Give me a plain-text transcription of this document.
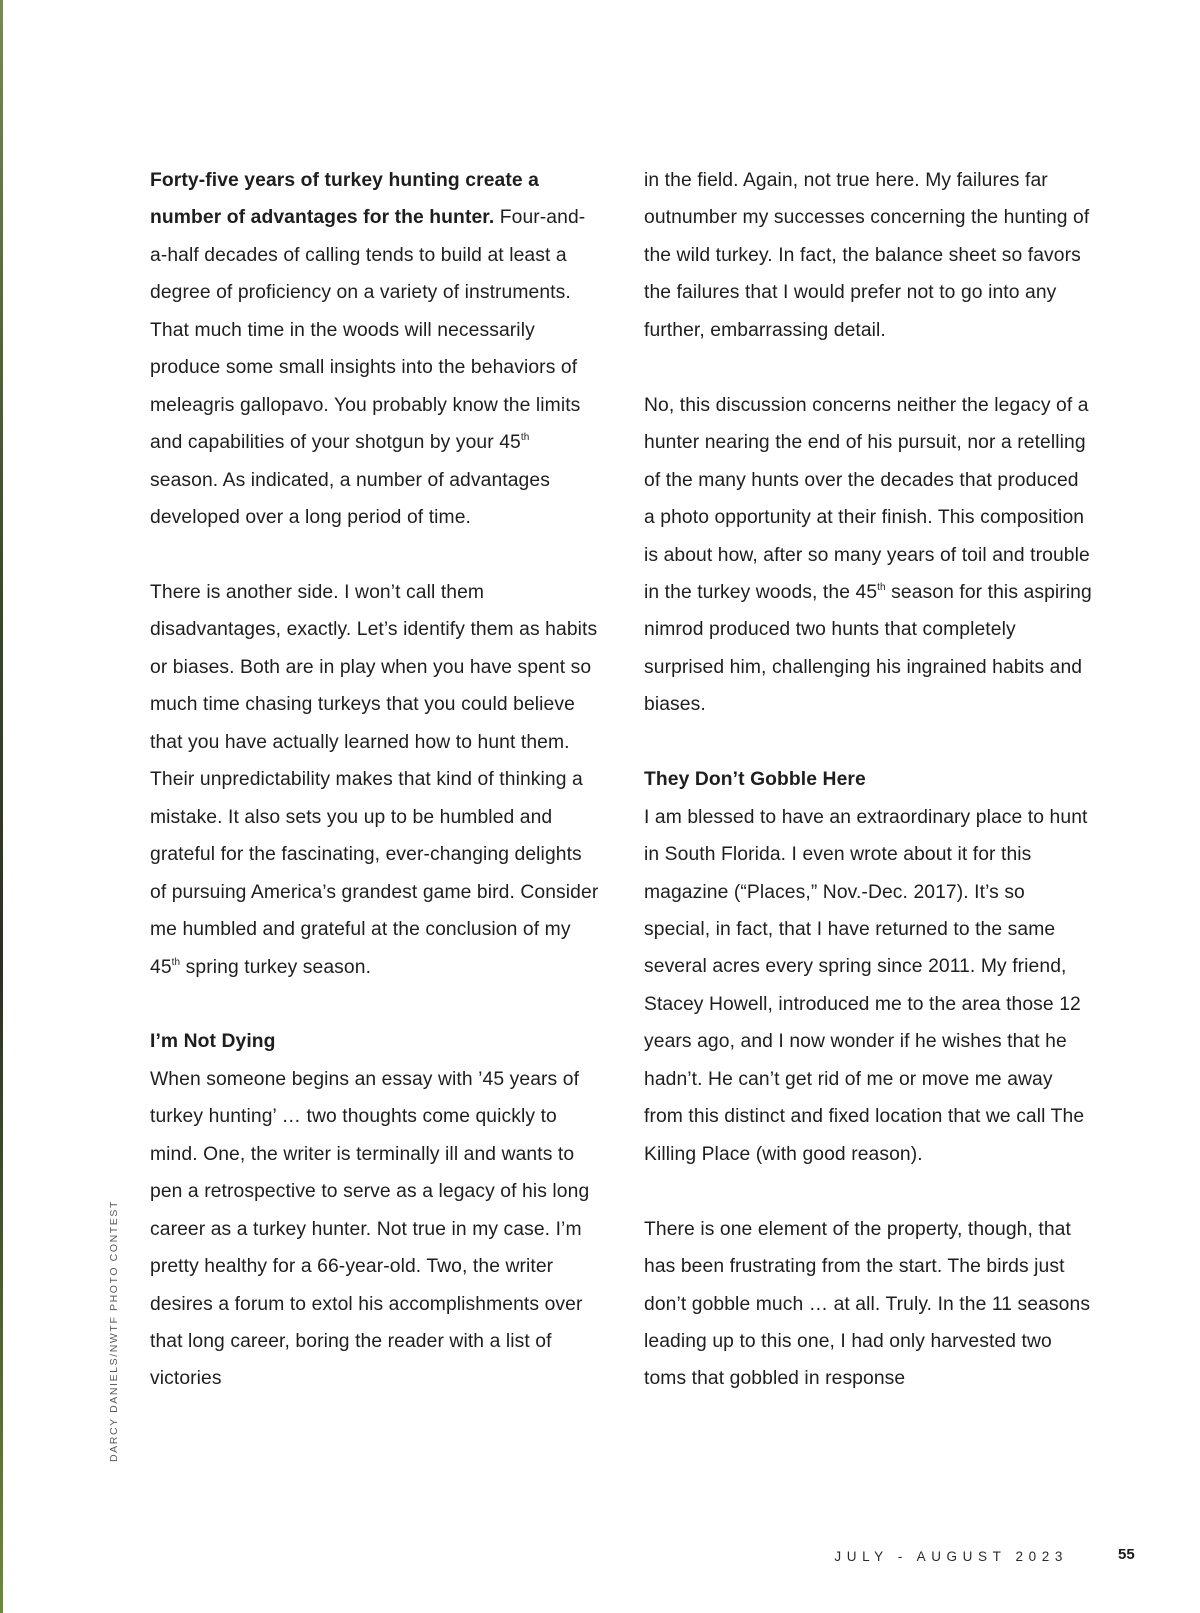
Forty-five years of turkey hunting create a number of advantages for the hunter. Four-and-a-half decades of calling tends to build at least a degree of proficiency on a variety of instruments. That much time in the woods will necessarily produce some small insights into the behaviors of meleagris gallopavo. You probably know the limits and capabilities of your shotgun by your 45th season. As indicated, a number of advantages developed over a long period of time.

There is another side. I won’t call them disadvantages, exactly. Let’s identify them as habits or biases. Both are in play when you have spent so much time chasing turkeys that you could believe that you have actually learned how to hunt them. Their unpredictability makes that kind of thinking a mistake. It also sets you up to be humbled and grateful for the fascinating, ever-changing delights of pursuing America’s grandest game bird. Consider me humbled and grateful at the conclusion of my 45th spring turkey season.

I’m Not Dying

When someone begins an essay with ’45 years of turkey hunting’ … two thoughts come quickly to mind. One, the writer is terminally ill and wants to pen a retrospective to serve as a legacy of his long career as a turkey hunter. Not true in my case. I’m pretty healthy for a 66-year-old. Two, the writer desires a forum to extol his accomplishments over that long career, boring the reader with a list of victories

in the field. Again, not true here. My failures far outnumber my successes concerning the hunting of the wild turkey. In fact, the balance sheet so favors the failures that I would prefer not to go into any further, embarrassing detail.

No, this discussion concerns neither the legacy of a hunter nearing the end of his pursuit, nor a retelling of the many hunts over the decades that produced a photo opportunity at their finish. This composition is about how, after so many years of toil and trouble in the turkey woods, the 45th season for this aspiring nimrod produced two hunts that completely surprised him, challenging his ingrained habits and biases.

They Don’t Gobble Here

I am blessed to have an extraordinary place to hunt in South Florida. I even wrote about it for this magazine (“Places,” Nov.-Dec. 2017). It’s so special, in fact, that I have returned to the same several acres every spring since 2011. My friend, Stacey Howell, introduced me to the area those 12 years ago, and I now wonder if he wishes that he hadn’t. He can’t get rid of me or move me away from this distinct and fixed location that we call The Killing Place (with good reason).

There is one element of the property, though, that has been frustrating from the start. The birds just don’t gobble much … at all. Truly. In the 11 seasons leading up to this one, I had only harvested two toms that gobbled in response

DARCY DANIELS/NWTF PHOTO CONTEST
JULY - AUGUST 2023	55
